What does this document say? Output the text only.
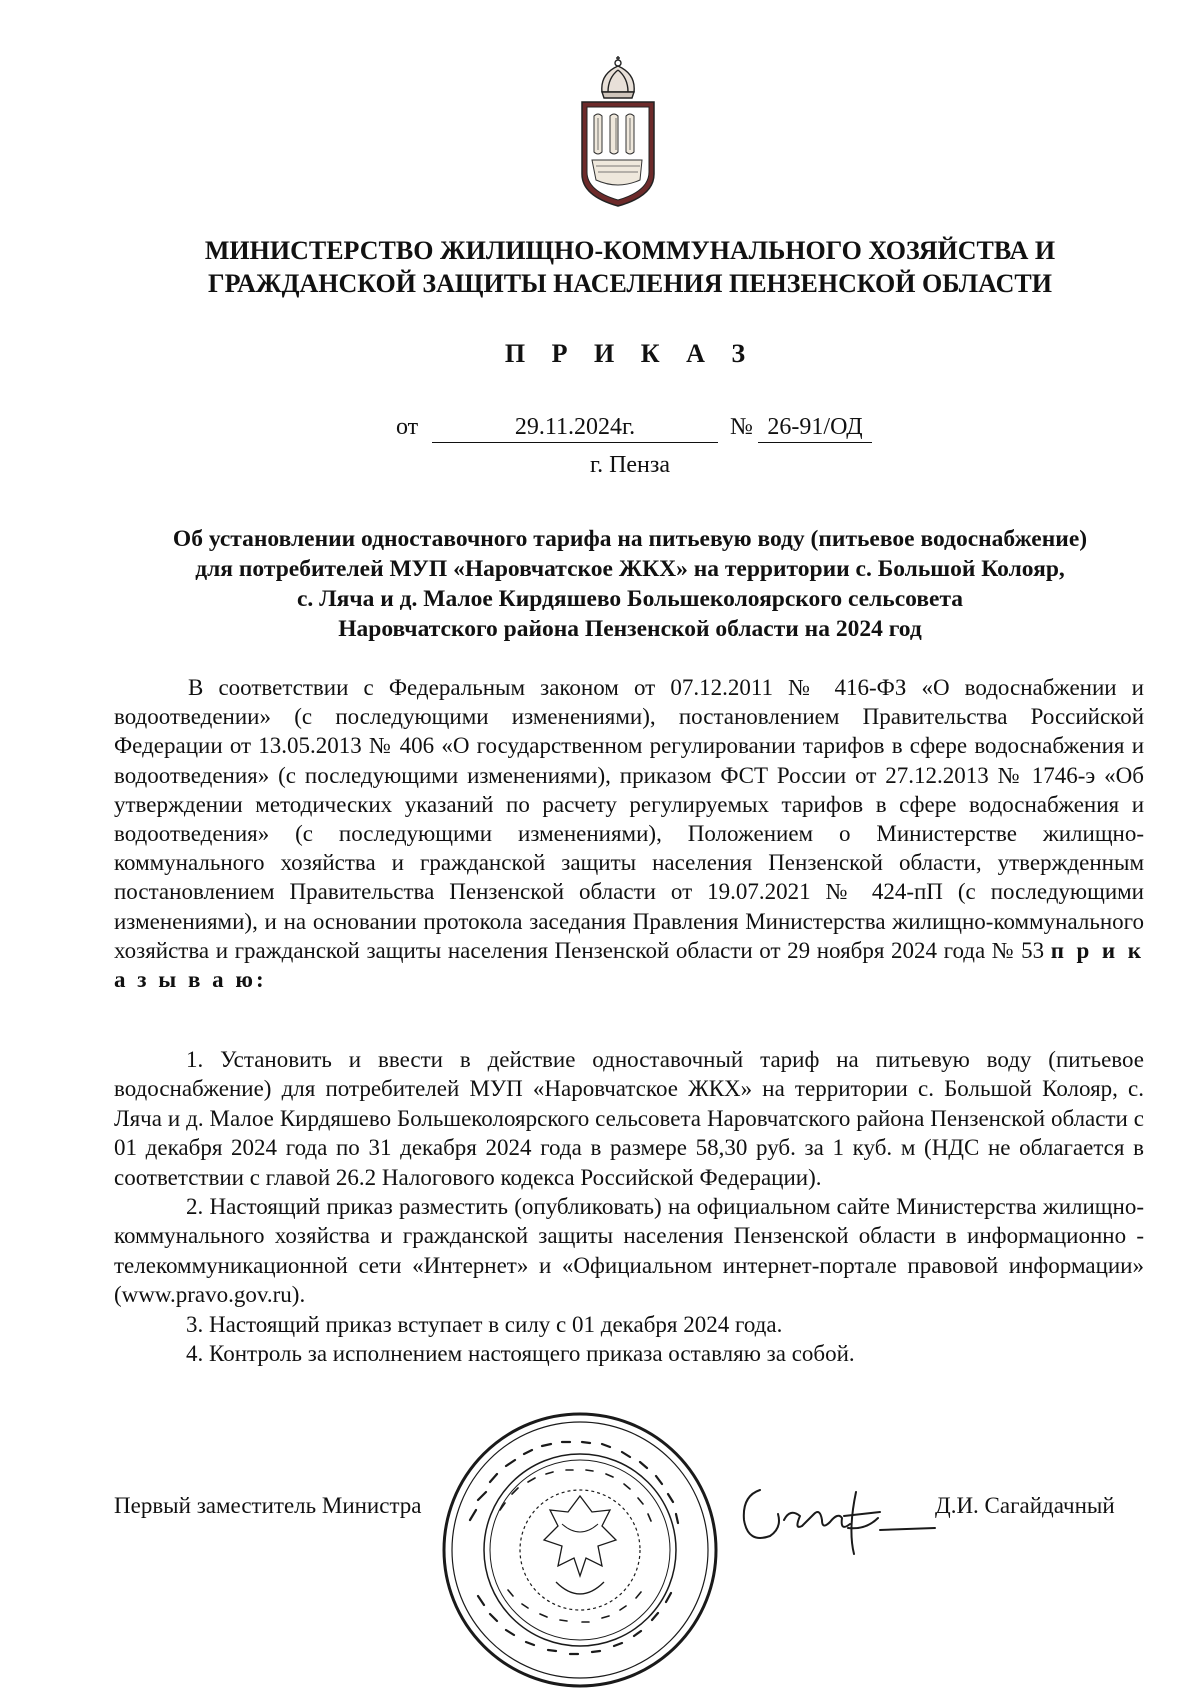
МИНИСТЕРСТВО ЖИЛИЩНО-КОММУНАЛЬНОГО ХОЗЯЙСТВА И
ГРАЖДАНСКОЙ ЗАЩИТЫ НАСЕЛЕНИЯ ПЕНЗЕНСКОЙ ОБЛАСТИ
П Р И К А З
от	29.11.2024г.	№ 26-91/ОД
г. Пенза
Об установлении одноставочного тарифа на питьевую воду (питьевое водоснабжение)
для потребителей МУП «Наровчатское ЖКХ» на территории с. Большой Колояр,
с. Ляча и д. Малое Кирдяшево Большеколоярского сельсовета
Наровчатского района Пензенской области на 2024 год
В соответствии с Федеральным законом от 07.12.2011 № 416-ФЗ «О водоснабжении и водоотведении» (с последующими изменениями), постановлением Правительства Российской Федерации от 13.05.2013 № 406 «О государственном регулировании тарифов в сфере водоснабжения и водоотведения» (с последующими изменениями), приказом ФСТ России от 27.12.2013 № 1746-э «Об утверждении методических указаний по расчету регулируемых тарифов в сфере водоснабжения и водоотведения» (с последующими изменениями), Положением о Министерстве жилищно-коммунального хозяйства и гражданской защиты населения Пензенской области, утвержденным постановлением Правительства Пензенской области от 19.07.2021 № 424-пП (с последующими изменениями), и на основании протокола заседания Правления Министерства жилищно-коммунального хозяйства и гражданской защиты населения Пензенской области от 29 ноября 2024 года № 53 п р и к а з ы в а ю:
1. Установить и ввести в действие одноставочный тариф на питьевую воду (питьевое водоснабжение) для потребителей МУП «Наровчатское ЖКХ» на территории с. Большой Колояр, с. Ляча и д. Малое Кирдяшево Большеколоярского сельсовета Наровчатского района Пензенской области с 01 декабря 2024 года по 31 декабря 2024 года в размере 58,30 руб. за 1 куб. м (НДС не облагается в соответствии с главой 26.2 Налогового кодекса Российской Федерации).
2. Настоящий приказ разместить (опубликовать) на официальном сайте Министерства жилищно-коммунального хозяйства и гражданской защиты населения Пензенской области в информационно - телекоммуникационной сети «Интернет» и «Официальном интернет-портале правовой информации» (www.pravo.gov.ru).
3. Настоящий приказ вступает в силу с 01 декабря 2024 года.
4. Контроль за исполнением настоящего приказа оставляю за собой.
Первый заместитель Министра	Д.И. Сагайдачный
